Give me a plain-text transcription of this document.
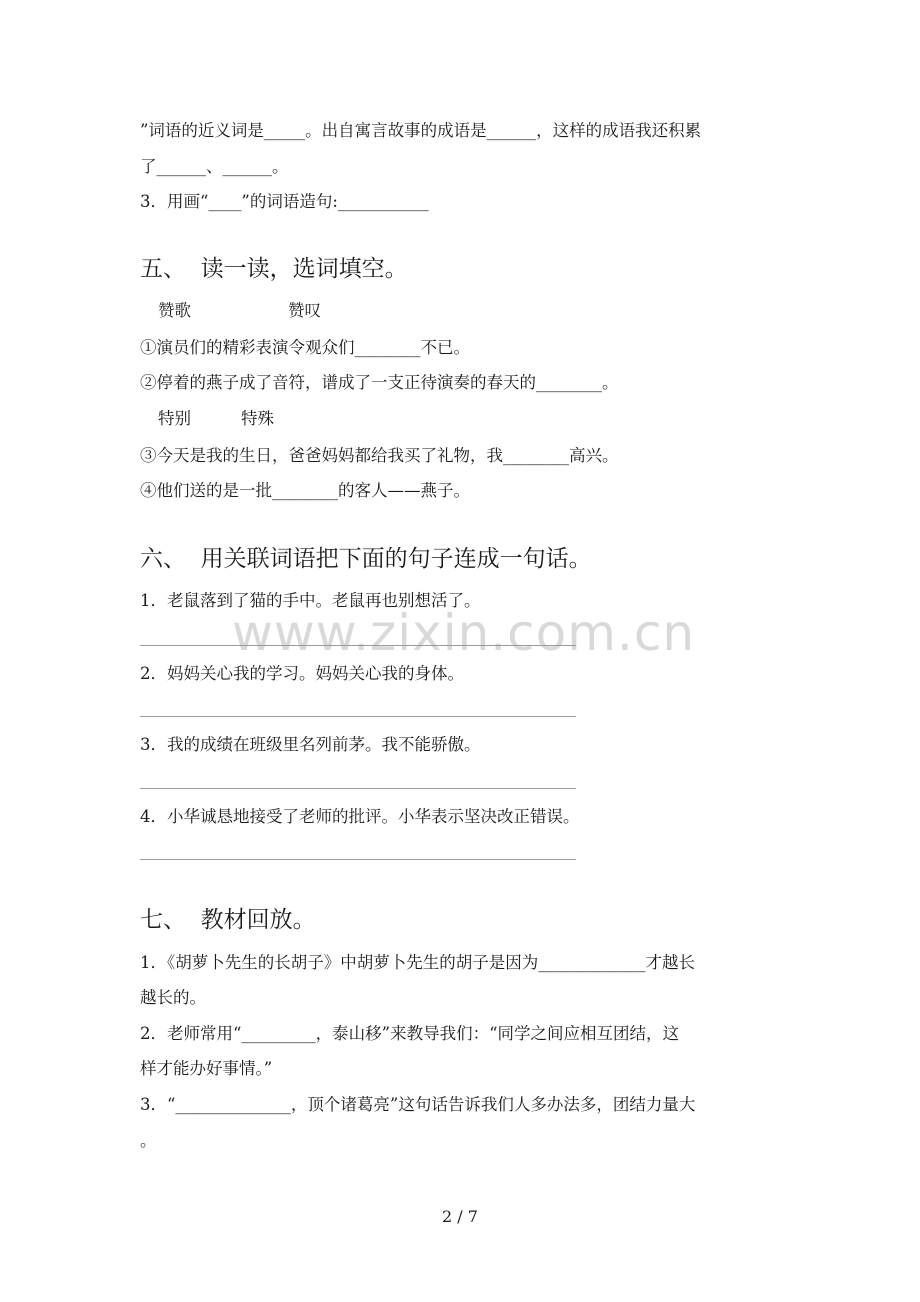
www.zixin.com.cn
”词语的近义词是_____。出自寓言故事的成语是______，这样的成语我还积累
了______、______。
3．用画“____”的词语造句:___________
五、  读一读，选词填空。
赞歌	赞叹
①演员们的精彩表演令观众们________不已。
②停着的燕子成了音符，谱成了一支正待演奏的春天的________。
特别	特殊
③今天是我的生日，爸爸妈妈都给我买了礼物，我________高兴。
④他们送的是一批________的客人——燕子。
六、  用关联词语把下面的句子连成一句话。
1．老鼠落到了猫的手中。老鼠再也别想活了。
2．妈妈关心我的学习。妈妈关心我的身体。
3．我的成绩在班级里名列前茅。我不能骄傲。
4．小华诚恳地接受了老师的批评。小华表示坚决改正错误。
七、  教材回放。
1．《胡萝卜先生的长胡子》中胡萝卜先生的胡子是因为_____________才越长
越长的。
2．老师常用“_________，泰山移”来教导我们：“同学之间应相互团结，这
样才能办好事情。”
3．“______________，顶个诸葛亮”这句话告诉我们人多办法多，团结力量大
。
2 / 7
